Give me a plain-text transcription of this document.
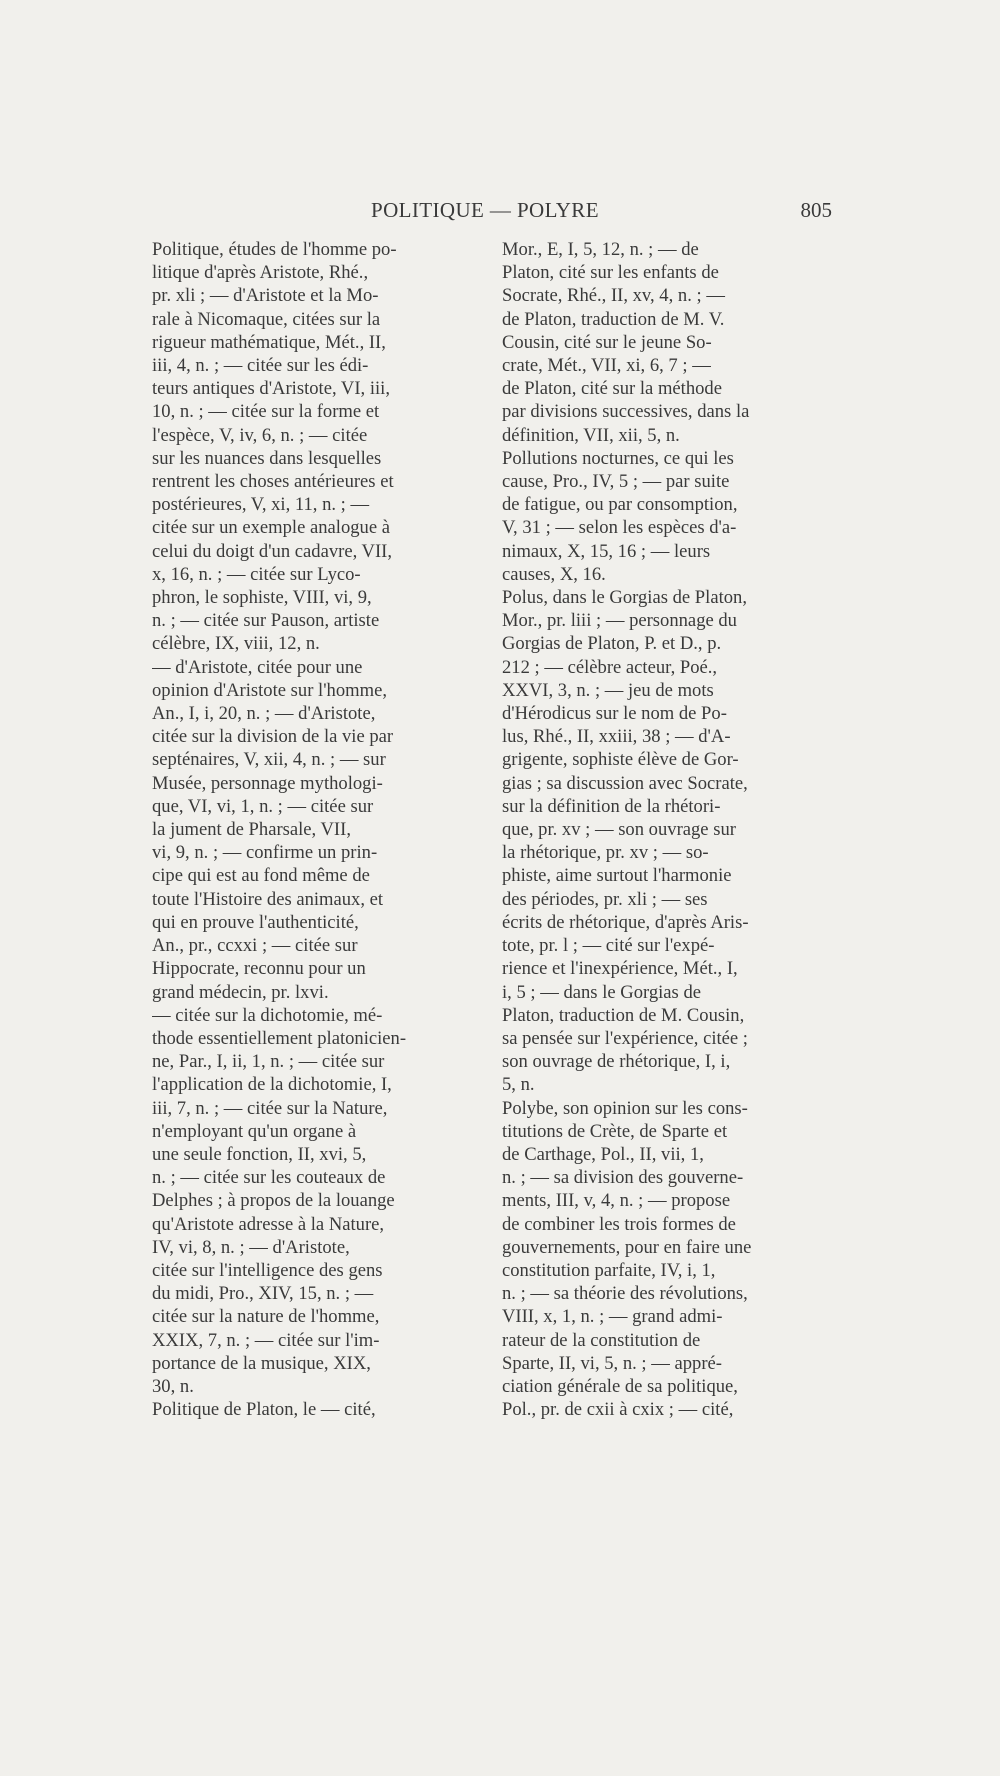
POLITIQUE — POLYRE	805
Politique, études de l'homme po-
litique d'après Aristote, Rhé.,
pr. xli ; — d'Aristote et la Mo-
rale à Nicomaque, citées sur la
rigueur mathématique, Mét., II,
iii, 4, n. ; — citée sur les édi-
teurs antiques d'Aristote, VI, iii,
10, n. ; — citée sur la forme et
l'espèce, V, iv, 6, n. ; — citée
sur les nuances dans lesquelles
rentrent les choses antérieures et
postérieures, V, xi, 11, n. ; —
citée sur un exemple analogue à
celui du doigt d'un cadavre, VII,
x, 16, n. ; — citée sur Lyco-
phron, le sophiste, VIII, vi, 9,
n. ; — citée sur Pauson, artiste
célèbre, IX, viii, 12, n.
— d'Aristote, citée pour une
opinion d'Aristote sur l'homme,
An., I, i, 20, n. ; — d'Aristote,
citée sur la division de la vie par
septénaires, V, xii, 4, n. ; — sur
Musée, personnage mythologi-
que, VI, vi, 1, n. ; — citée sur
la jument de Pharsale, VII,
vi, 9, n. ; — confirme un prin-
cipe qui est au fond même de
toute l'Histoire des animaux, et
qui en prouve l'authenticité,
An., pr., ccxxi ; — citée sur
Hippocrate, reconnu pour un
grand médecin, pr. lxvi.
— citée sur la dichotomie, mé-
thode essentiellement platonicien-
ne, Par., I, ii, 1, n. ; — citée sur
l'application de la dichotomie, I,
iii, 7, n. ; — citée sur la Nature,
n'employant qu'un organe à
une seule fonction, II, xvi, 5,
n. ; — citée sur les couteaux de
Delphes ; à propos de la louange
qu'Aristote adresse à la Nature,
IV, vi, 8, n. ; — d'Aristote,
citée sur l'intelligence des gens
du midi, Pro., XIV, 15, n. ; —
citée sur la nature de l'homme,
XXIX, 7, n. ; — citée sur l'im-
portance de la musique, XIX,
30, n.
Politique de Platon, le — cité,
Mor., E, I, 5, 12, n. ; — de
Platon, cité sur les enfants de
Socrate, Rhé., II, xv, 4, n. ; —
de Platon, traduction de M. V.
Cousin, cité sur le jeune So-
crate, Mét., VII, xi, 6, 7 ; —
de Platon, cité sur la méthode
par divisions successives, dans la
définition, VII, xii, 5, n.
Pollutions nocturnes, ce qui les
cause, Pro., IV, 5 ; — par suite
de fatigue, ou par consomption,
V, 31 ; — selon les espèces d'a-
nimaux, X, 15, 16 ; — leurs
causes, X, 16.
Polus, dans le Gorgias de Platon,
Mor., pr. liii ; — personnage du
Gorgias de Platon, P. et D., p.
212 ; — célèbre acteur, Poé.,
XXVI, 3, n. ; — jeu de mots
d'Hérodicus sur le nom de Po-
lus, Rhé., II, xxiii, 38 ; — d'A-
grigente, sophiste élève de Gor-
gias ; sa discussion avec Socrate,
sur la définition de la rhétori-
que, pr. xv ; — son ouvrage sur
la rhétorique, pr. xv ; — so-
phiste, aime surtout l'harmonie
des périodes, pr. xli ; — ses
écrits de rhétorique, d'après Aris-
tote, pr. l ; — cité sur l'expé-
rience et l'inexpérience, Mét., I,
i, 5 ; — dans le Gorgias de
Platon, traduction de M. Cousin,
sa pensée sur l'expérience, citée ;
son ouvrage de rhétorique, I, i,
5, n.
Polybe, son opinion sur les cons-
titutions de Crète, de Sparte et
de Carthage, Pol., II, vii, 1,
n. ; — sa division des gouverne-
ments, III, v, 4, n. ; — propose
de combiner les trois formes de
gouvernements, pour en faire une
constitution parfaite, IV, i, 1,
n. ; — sa théorie des révolutions,
VIII, x, 1, n. ; — grand admi-
rateur de la constitution de
Sparte, II, vi, 5, n. ; — appré-
ciation générale de sa politique,
Pol., pr. de cxii à cxix ; — cité,
